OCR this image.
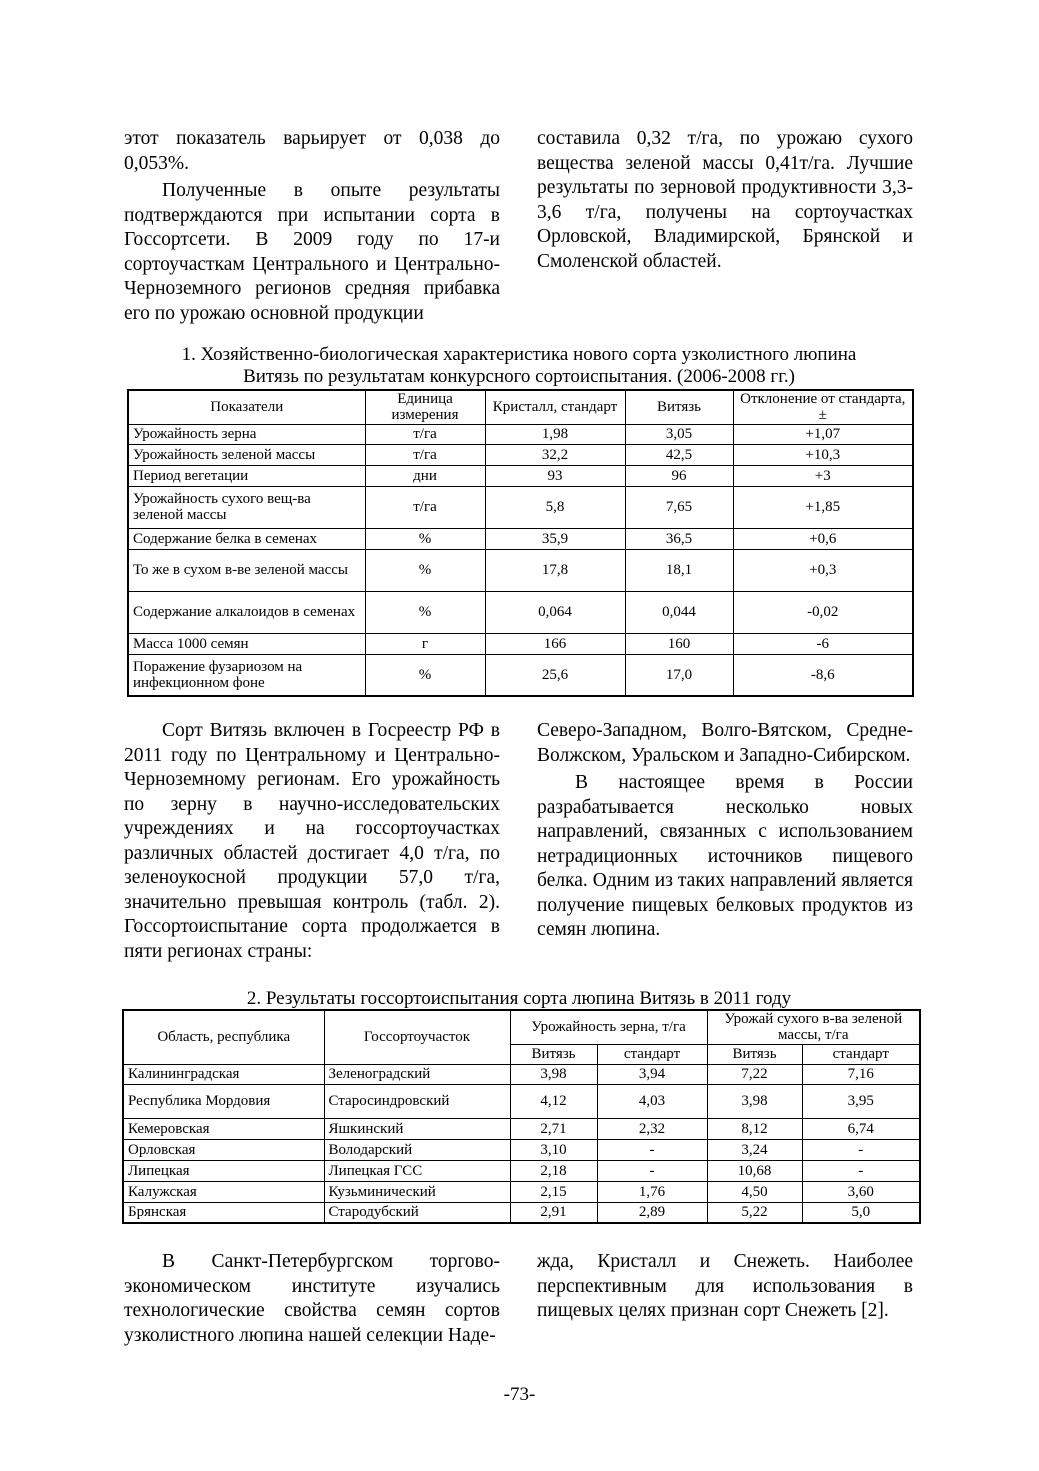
этот показатель варьирует от 0,038 до 0,053%.

Полученные в опыте результаты подтверждаются при испытании сорта в Госсортсети. В 2009 году по 17-и сортоучасткам Центрального и Центрально-Черноземного регионов средняя прибавка его по урожаю основной продукции

составила 0,32 т/га, по урожаю сухого вещества зеленой массы 0,41т/га. Лучшие результаты по зерновой продуктивности 3,3-3,6 т/га, получены на сортоучастках Орловской, Владимирской, Брянской и Смоленской областей.

1. Хозяйственно-биологическая характеристика нового сорта узколистного люпина
Витязь по результатам конкурсного сортоиспытания. (2006-2008 гг.)
Показатели	Единица измерения	Кристалл, стандарт	Витязь	Отклонение от стандарта, ±
Урожайность зерна	т/га	1,98	3,05	+1,07
Урожайность зеленой массы	т/га	32,2	42,5	+10,3
Период вегетации	дни	93	96	+3
Урожайность сухого вещ-ва зеленой массы	т/га	5,8	7,65	+1,85
Содержание белка в семенах	%	35,9	36,5	+0,6
То же в сухом в-ве зеленой массы	%	17,8	18,1	+0,3
Содержание алкалоидов в семенах	%	0,064	0,044	-0,02
Масса 1000 семян	г	166	160	-6
Поражение фузариозом на инфекционном фоне	%	25,6	17,0	-8,6

Сорт Витязь включен в Госреестр РФ в 2011 году по Центральному и Центрально-Черноземному регионам. Его урожайность по зерну в научно-исследовательских учреждениях и на госсортоучастках различных областей достигает 4,0 т/га, по зеленоукосной продукции 57,0 т/га, значительно превышая контроль (табл. 2). Госсортоиспытание сорта продолжается в пяти регионах страны:

Северо-Западном, Волго-Вятском, Средне-Волжском, Уральском и Западно-Сибирском.

В настоящее время в России разрабатывается несколько новых направлений, связанных с использованием нетрадиционных источников пищевого белка. Одним из таких направлений является получение пищевых белковых продуктов из семян люпина.

2. Результаты госсортоиспытания сорта люпина Витязь в 2011 году
Область, республика	Госсортоучасток	Урожайность зерна, т/га		Урожай сухого в-ва зеленой массы, т/га	
		Витязь	стандарт	Витязь	стандарт
Калининградская	Зеленоградский	3,98	3,94	7,22	7,16
Республика Мордовия	Старосиндровский	4,12	4,03	3,98	3,95
Кемеровская	Яшкинский	2,71	2,32	8,12	6,74
Орловская	Володарский	3,10	-	3,24	-
Липецкая	Липецкая ГСС	2,18	-	10,68	-
Калужская	Кузьминический	2,15	1,76	4,50	3,60
Брянская	Стародубский	2,91	2,89	5,22	5,0

В Санкт-Петербургском торгово-экономическом институте изучались технологические свойства семян сортов узколистного люпина нашей селекции Наде-

жда, Кристалл и Снежеть. Наиболее перспективным для использования в пищевых целях признан сорт Снежеть [2].

-73-
